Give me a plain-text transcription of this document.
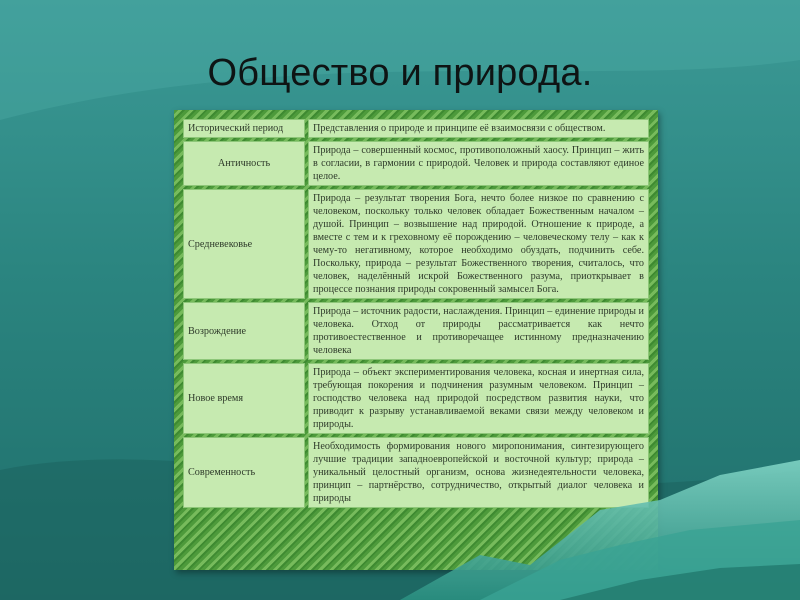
Общество и природа.
Исторический период	Представления о природе и принципе её взаимосвязи с обществом.
Античность	Природа – совершенный космос, противоположный хаосу. Принцип – жить в согласии, в гармонии с природой. Человек и природа составляют единое целое.
Средневековье	Природа – результат творения Бога, нечто более низкое по сравнению с человеком, поскольку только человек обладает Божественным началом – душой. Принцип – возвышение над природой. Отношение к природе, а вместе с тем и к греховному её порождению – человеческому телу – как к чему-то негативному, которое необходимо обуздать, подчинить себе. Поскольку, природа – результат Божественного творения, считалось, что человек, наделённый искрой Божественного разума, приоткрывает в процессе познания природы сокровенный замысел Бога.
Возрождение	Природа – источник радости, наслаждения. Принцип – единение природы и человека. Отход от природы рассматривается как нечто противоестественное и противоречащее истинному предназначению человека
Новое время	Природа – объект экспериментирования человека, косная и инертная сила, требующая покорения и подчинения разумным человеком. Принцип – господство человека над природой посредством развития науки, что приводит к разрыву устанавливаемой веками связи между человеком и природы.
Современность	Необходимость формирования нового миропонимания, синтезирующего лучшие традиции западноевропейской и восточной культур; природа – уникальный целостный организм, основа жизнедеятельности человека, принцип – партнёрство, сотрудничество, открытый диалог человека и природы
